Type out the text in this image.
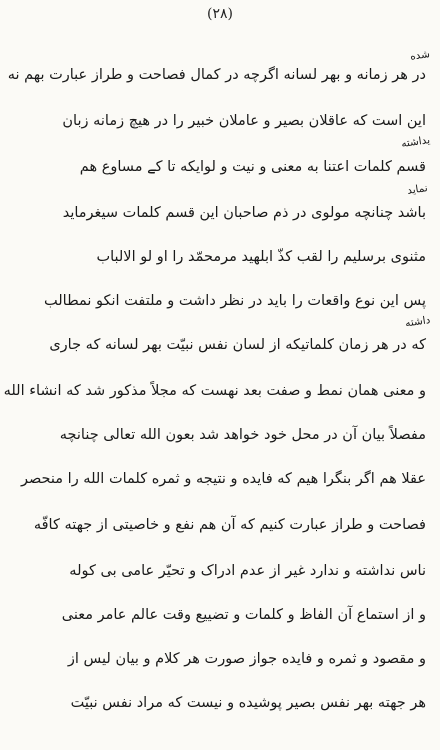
(۲۸)
در هر زمانه و بهر لسانه اگرچه در کمال فصاحت و طراز عبارت بهم نه
این است که عاقلان بصیر و عاملان خبیر را در هیچ زمانه زبان
قسم کلمات اعتنا به معنی و نیت و لوایکه تا کے مساوع هم
باشد چنانچه مولوی در ذم صاحبان این قسم کلمات سیغرماید
مثنوی برسلیم را لقب کذّ ابلهید مرمحمّد را او لو الالباب
پس این نوع واقعات را باید در نظر داشت و ملتفت انکو نمطالب
که در هر زمان کلماتیکه از لسان نفس نبیّت بهر لسانه که جاری
و معنی همان نمط و صفت بعد نهست که مجلاً مذکور شد که انشاء الله
مفصلاً بیان آن در محل خود خواهد شد بعون الله تعالی چنانچه
عقلا هم اگر بنگرا هیم که فایده و نتیجه و ثمره کلمات الله را منحصر
فصاحت و طراز عبارت کنیم که آن هم نفع و خاصیتی از جهته کافّه
ناس نداشته و ندارد غیر از عدم ادراک و تحیّر عامی بی کوله
و از استماع آن الفاظ و کلمات و تضییع وقت عالم عامر معنی
و مقصود و ثمره و فایده جواز صورت هر کلام و بیان لیس از
هر جهته بهر نفس بصیر پوشیده و نیست که مراد نفس نبیّت
شده
یداشته
نماید
داشته
